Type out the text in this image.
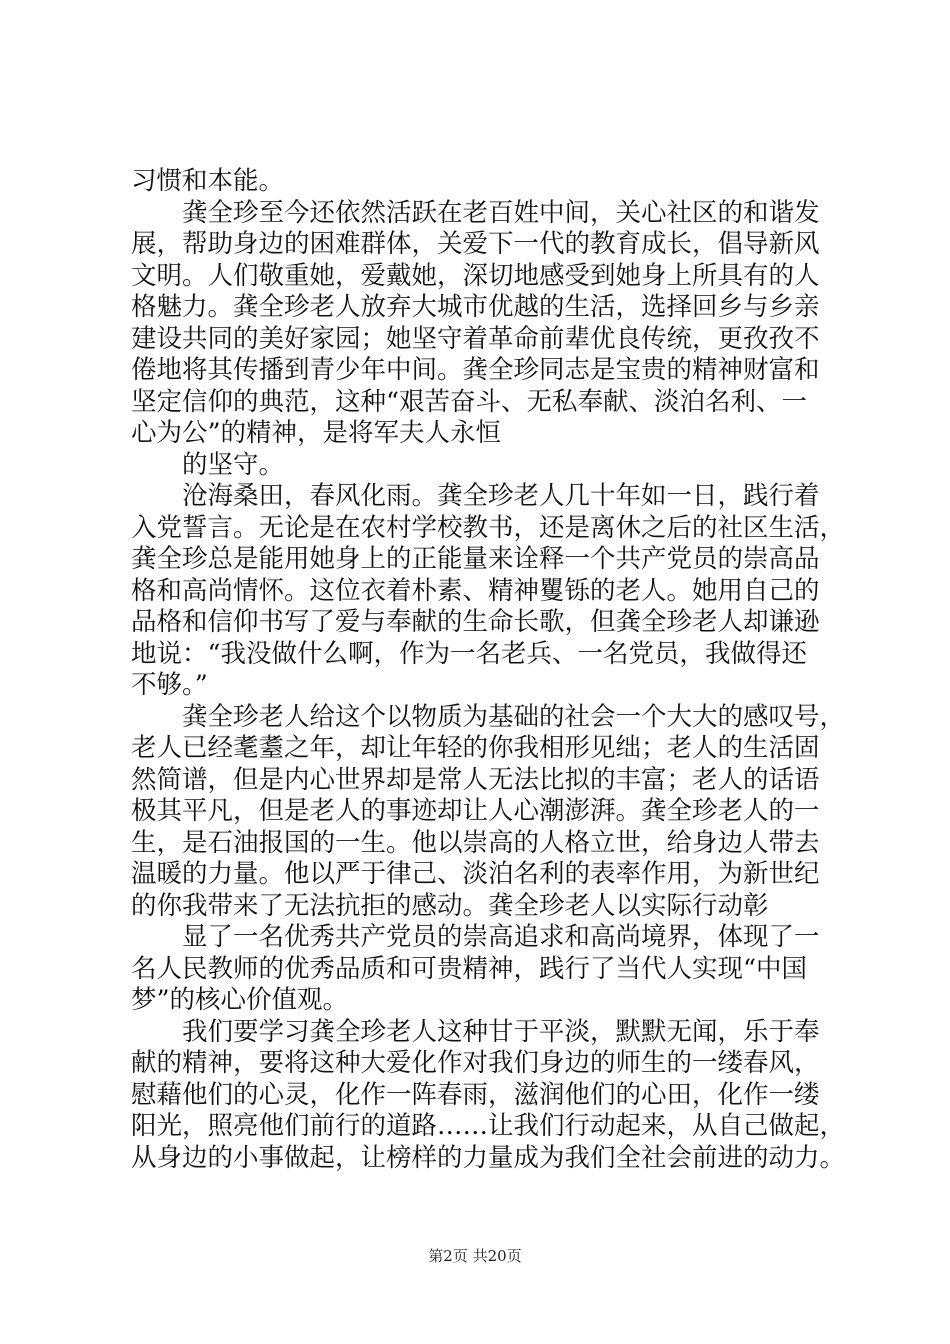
习惯和本能。
龚全珍至今还依然活跃在老百姓中间，关心社区的和谐发
展，帮助身边的困难群体，关爱下一代的教育成长，倡导新风
文明。人们敬重她，爱戴她，深切地感受到她身上所具有的人
格魅力。龚全珍老人放弃大城市优越的生活，选择回乡与乡亲
建设共同的美好家园；她坚守着革命前辈优良传统，更孜孜不
倦地将其传播到青少年中间。龚全珍同志是宝贵的精神财富和
坚定信仰的典范，这种“艰苦奋斗、无私奉献、淡泊名利、一
心为公”的精神，是将军夫人永恒
的坚守。
沧海桑田，春风化雨。龚全珍老人几十年如一日，践行着
入党誓言。无论是在农村学校教书，还是离休之后的社区生活，
龚全珍总是能用她身上的正能量来诠释一个共产党员的崇高品
格和高尚情怀。这位衣着朴素、精神矍铄的老人。她用自己的
品格和信仰书写了爱与奉献的生命长歌，但龚全珍老人却谦逊
地说：“我没做什么啊，作为一名老兵、一名党员，我做得还
不够。”
龚全珍老人给这个以物质为基础的社会一个大大的感叹号，
老人已经耄耋之年，却让年轻的你我相形见绌；老人的生活固
然简谱，但是内心世界却是常人无法比拟的丰富；老人的话语
极其平凡，但是老人的事迹却让人心潮澎湃。龚全珍老人的一
生，是石油报国的一生。他以崇高的人格立世，给身边人带去
温暖的力量。他以严于律己、淡泊名利的表率作用，为新世纪
的你我带来了无法抗拒的感动。龚全珍老人以实际行动彰
显了一名优秀共产党员的崇高追求和高尚境界，体现了一
名人民教师的优秀品质和可贵精神，践行了当代人实现“中国
梦”的核心价值观。
我们要学习龚全珍老人这种甘于平淡，默默无闻，乐于奉
献的精神，要将这种大爱化作对我们身边的师生的一缕春风，
慰藉他们的心灵，化作一阵春雨，滋润他们的心田，化作一缕
阳光，照亮他们前行的道路……让我们行动起来，从自己做起，
从身边的小事做起，让榜样的力量成为我们全社会前进的动力。
第2页 共20页
